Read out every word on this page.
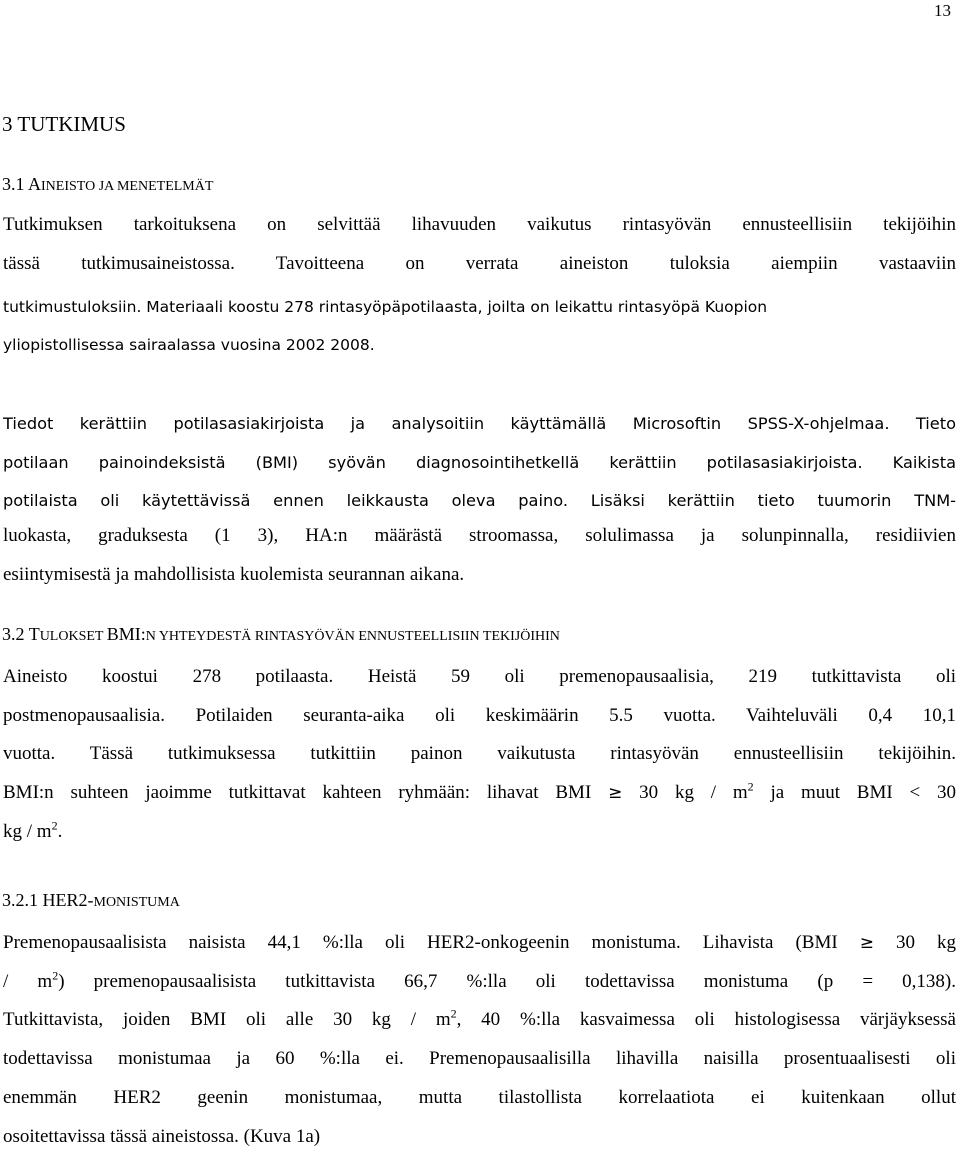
13
3 TUTKIMUS
3.1 AINEISTO JA MENETELMÄT
Tutkimuksen tarkoituksena on selvittää lihavuuden vaikutus rintasyövän ennusteellisiin tekijöihin
tässä tutkimusaineistossa. Tavoitteena on verrata aineiston tuloksia aiempiin vastaaviin
tutkimustuloksiin. Materiaali koostu 278 rintasyöpäpotilaasta, joilta on leikattu rintasyöpä Kuopion
yliopistollisessa sairaalassa vuosina 2002 2008.
Tiedot kerättiin potilasasiakirjoista ja analysoitiin käyttämällä Microsoftin SPSS-X-ohjelmaa. Tieto
potilaan painoindeksistä (BMI) syövän diagnosointihetkellä kerättiin potilasasiakirjoista. Kaikista
potilaista oli käytettävissä ennen leikkausta oleva paino. Lisäksi kerättiin tieto tuumorin TNM-
luokasta, graduksesta (1 3), HA:n määrästä stroomassa, solulimassa ja solunpinnalla, residiivien
esiintymisestä ja mahdollisista kuolemista seurannan aikana.
3.2 TULOKSET BMI:N YHTEYDESTÄ RINTASYÖVÄN ENNUSTEELLISIIN TEKIJÖIHIN
Aineisto koostui 278 potilaasta. Heistä 59 oli premenopausaalisia, 219 tutkittavista oli
postmenopausaalisia. Potilaiden seuranta-aika oli keskimäärin 5.5 vuotta. Vaihteluväli 0,4 10,1
vuotta. Tässä tutkimuksessa tutkittiin painon vaikutusta rintasyövän ennusteellisiin tekijöihin.
BMI:n suhteen jaoimme tutkittavat kahteen ryhmään: lihavat BMI ≥ 30 kg / $m^2$ ja muut BMI < 30
kg / $m^2$.
3.2.1 HER2-MONISTUMA
Premenopausaalisista naisista 44,1 %:lla oli HER2-onkogeenin monistuma. Lihavista (BMI ≥ 30 kg
/ $m^2$) premenopausaalisista tutkittavista 66,7 %:lla oli todettavissa monistuma (p = 0,138).
Tutkittavista, joiden BMI oli alle 30 kg / $m^2$, 40 %:lla kasvaimessa oli histologisessa värjäyksessä
todettavissa monistumaa ja 60 %:lla ei. Premenopausaalisilla lihavilla naisilla prosentuaalisesti oli
enemmän HER2 geenin monistumaa, mutta tilastollista korrelaatiota ei kuitenkaan ollut
osoitettavissa tässä aineistossa. (Kuva 1a)
